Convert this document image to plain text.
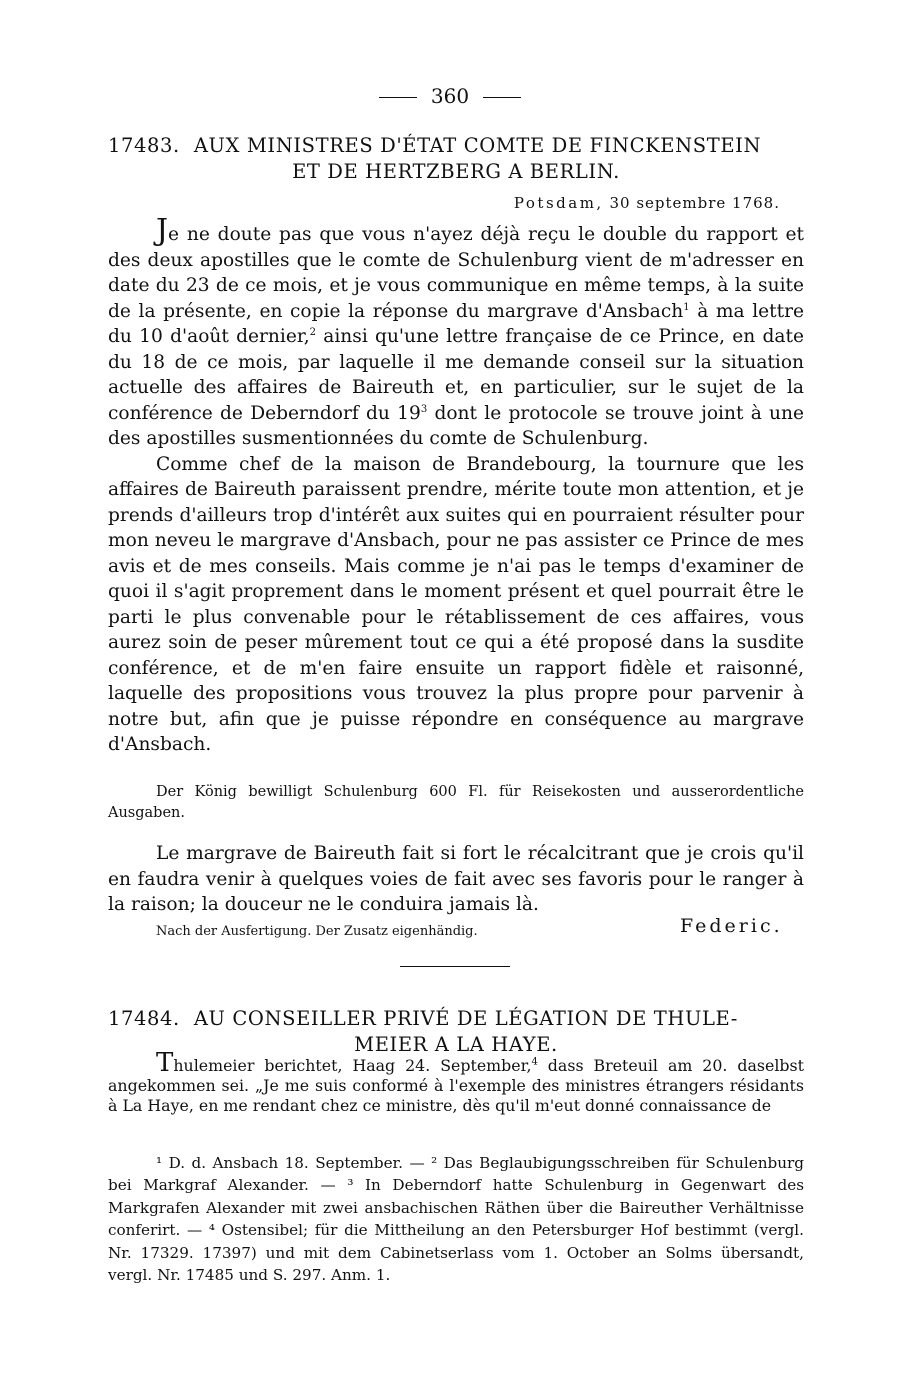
360
17483. AUX MINISTRES D'ÉTAT COMTE DE FINCKENSTEIN
ET DE HERTZBERG A BERLIN.
Potsdam, 30 septembre 1768.

Je ne doute pas que vous n'ayez déjà reçu le double du rapport et des deux apostilles que le comte de Schulenburg vient de m'adresser en date du 23 de ce mois, et je vous communique en même temps, à la suite de la présente, en copie la réponse du margrave d'Ansbach$^1$ à ma lettre du 10 d'août dernier,$^2$ ainsi qu'une lettre française de ce Prince, en date du 18 de ce mois, par laquelle il me demande conseil sur la situation actuelle des affaires de Baireuth et, en particulier, sur le sujet de la conférence de Deberndorf du $19^3$ dont le protocole se trouve joint à une des apostilles susmentionnées du comte de Schulenburg.

Comme chef de la maison de Brandebourg, la tournure que les affaires de Baireuth paraissent prendre, mérite toute mon attention, et je prends d'ailleurs trop d'intérêt aux suites qui en pourraient résulter pour mon neveu le margrave d'Ansbach, pour ne pas assister ce Prince de mes avis et de mes conseils. Mais comme je n'ai pas le temps d'examiner de quoi il s'agit proprement dans le moment présent et quel pourrait être le parti le plus convenable pour le rétablissement de ces affaires, vous aurez soin de peser mûrement tout ce qui a été proposé dans la susdite conférence, et de m'en faire ensuite un rapport fidèle et raisonné, laquelle des propositions vous trouvez la plus propre pour parvenir à notre but, afin que je puisse répondre en conséquence au margrave d'Ansbach.

Der König bewilligt Schulenburg 600 Fl. für Reisekosten und ausserordentliche Ausgaben.

Le margrave de Baireuth fait si fort le récalcitrant que je crois qu'il en faudra venir à quelques voies de fait avec ses favoris pour le ranger à la raison; la douceur ne le conduira jamais là.

Nach der Ausfertigung. Der Zusatz eigenhändig.	Federic.
17484. AU CONSEILLER PRIVÉ DE LÉGATION DE THULE-
MEIER A LA HAYE.

Thulemeier berichtet, Haag 24. September,$^4$ dass Breteuil am 20. daselbst angekommen sei. „Je me suis conformé à l'exemple des ministres étrangers résidants à La Haye, en me rendant chez ce ministre, dès qu'il m'eut donné connaissance de

¹ D. d. Ansbach 18. September. — ² Das Beglaubigungsschreiben für Schulenburg bei Markgraf Alexander. — ³ In Deberndorf hatte Schulenburg in Gegenwart des Markgrafen Alexander mit zwei ansbachischen Räthen über die Baireuther Verhältnisse conferirt. — ⁴ Ostensibel; für die Mittheilung an den Petersburger Hof bestimmt (vergl. Nr. 17329. 17397) und mit dem Cabinetserlass vom 1. October an Solms übersandt, vergl. Nr. 17485 und S. 297. Anm. 1.
